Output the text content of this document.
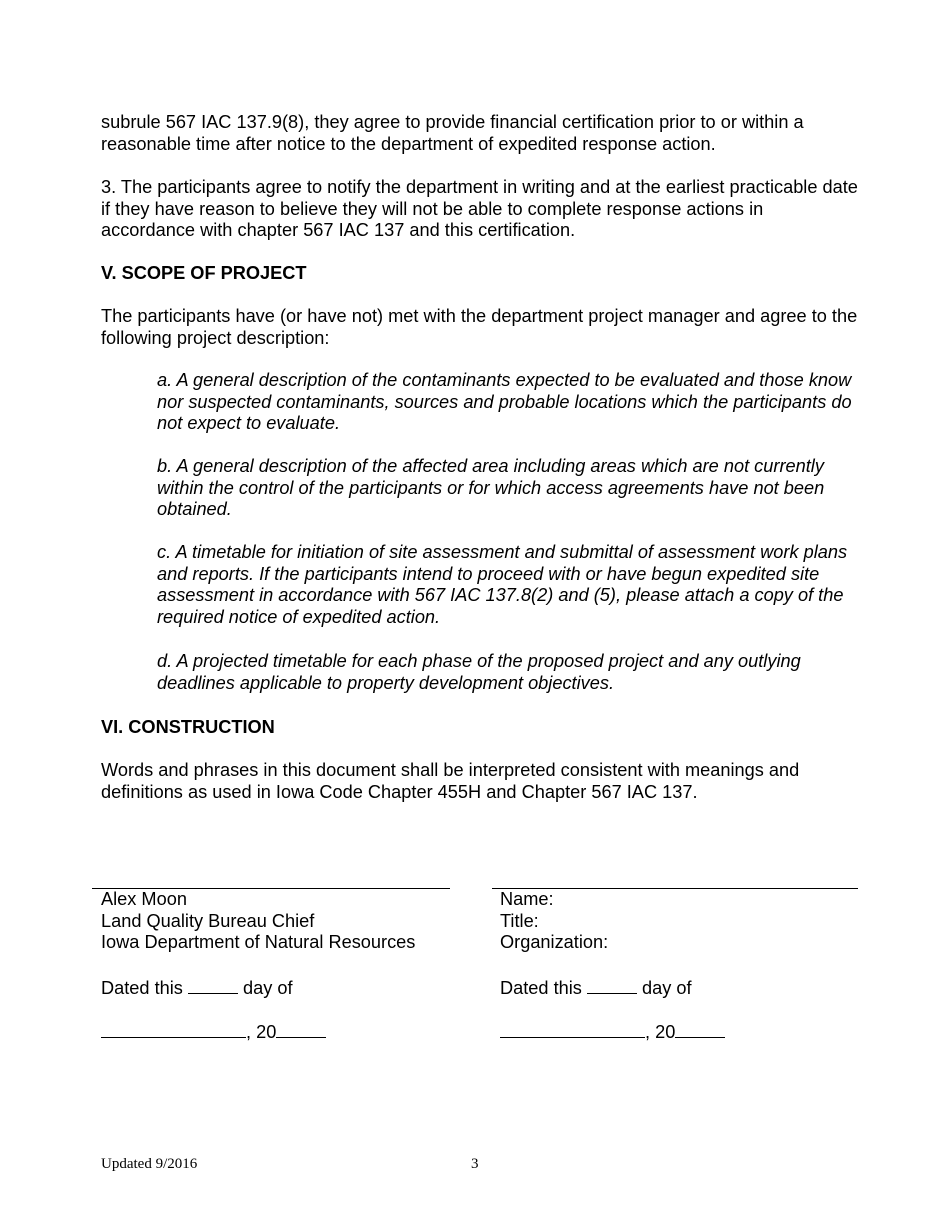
subrule 567 IAC 137.9(8), they agree to provide financial certification prior to or within a reasonable time after notice to the department of expedited response action.

3. The participants agree to notify the department in writing and at the earliest practicable date if they have reason to believe they will not be able to complete response actions in accordance with chapter 567 IAC 137 and this certification.

V. SCOPE OF PROJECT

The participants have (or have not) met with the department project manager and agree to the following project description:

a. A general description of the contaminants expected to be evaluated and those know nor suspected contaminants, sources and probable locations which the participants do not expect to evaluate.

b. A general description of the affected area including areas which are not currently within the control of the participants or for which access agreements have not been obtained.

c. A timetable for initiation of site assessment and submittal of assessment work plans and reports. If the participants intend to proceed with or have begun expedited site assessment in accordance with 567 IAC 137.8(2) and (5), please attach a copy of the required notice of expedited action.

d. A projected timetable for each phase of the proposed project and any outlying deadlines applicable to property development objectives.

VI. CONSTRUCTION

Words and phrases in this document shall be interpreted consistent with meanings and definitions as used in Iowa Code Chapter 455H and Chapter 567 IAC 137.

Alex Moon
Land Quality Bureau Chief
Iowa Department of Natural Resources
Dated this	day of
, 20
Name:
Title:
Organization:
Dated this	day of
, 20
Updated 9/2016	3
